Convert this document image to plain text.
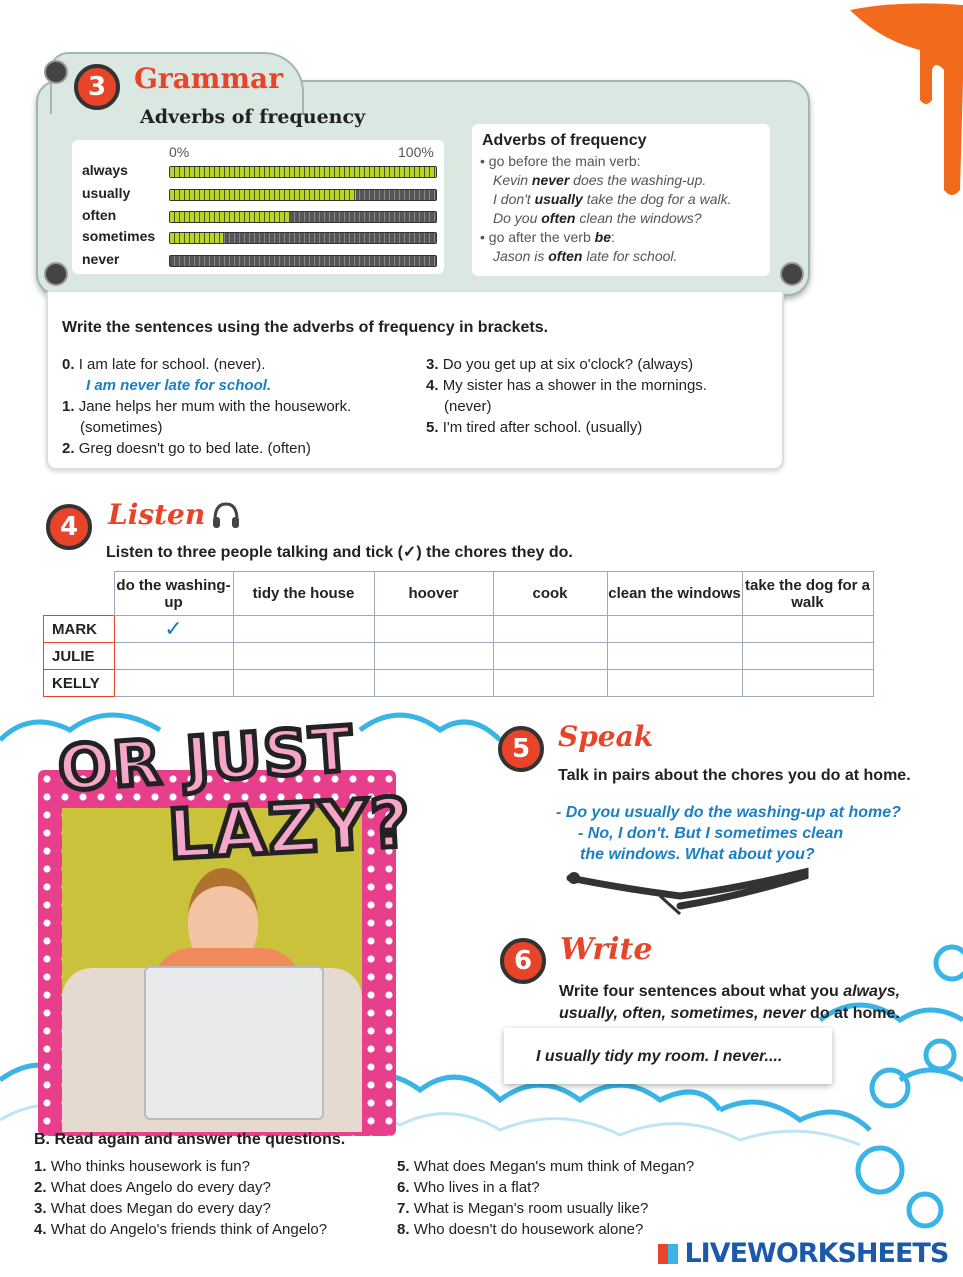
3 Grammar
Adverbs of frequency
0%	100%
always
usually
often
sometimes
never
Adverbs of frequency
• go before the main verb:
Kevin never does the washing-up.
I don't usually take the dog for a walk.
Do you often clean the windows?
• go after the verb be:
Jason is often late for school.
Write the sentences using the adverbs of frequency in brackets.
0. I am late for school. (never).
I am never late for school.
1. Jane helps her mum with the housework.
(sometimes)
2. Greg doesn't go to bed late. (often)
3. Do you get up at six o'clock? (always)
4. My sister has a shower in the mornings.
(never)
5. I'm tired after school. (usually)
4	Listen
Listen to three people talking and tick (✓) the chores they do.
	do the washing-up	tidy the house	hoover	cook	clean the windows	take the dog for a walk
MARK	✓					
JULIE						
KELLY						
OR JUST
LAZY?
5 Speak
Talk in pairs about the chores you do at home.
- Do you usually do the washing-up at home?
- No, I don't. But I sometimes clean
the windows. What about you?
6 Write
Write four sentences about what you always,
usually, often, sometimes, never do at home.
I usually tidy my room. I never....
B. Read again and answer the questions.
1. Who thinks housework is fun?
2. What does Angelo do every day?
3. What does Megan do every day?
4. What do Angelo's friends think of Angelo?
5. What does Megan's mum think of Megan?
6. Who lives in a flat?
7. What is Megan's room usually like?
8. Who doesn't do housework alone?
LIVEWORKSHEETS
